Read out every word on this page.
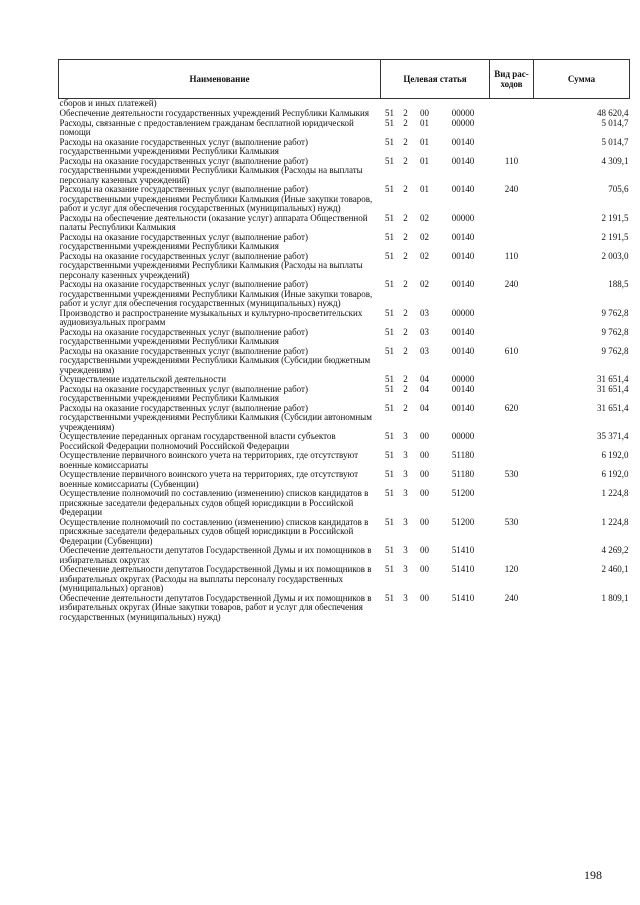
Наименование	Целевая статья				Вид рас-ходов	Сумма
сборов и иных платежей)						
Обеспечение деятельности государственных учреждений Республики Калмыкия	51	2	00	00000		48 620,4
Расходы, связанные с предоставлением гражданам бесплатной юридической помощи	51	2	01	00000		5 014,7
Расходы на оказание государственных услуг (выполнение работ) государственными учреждениями Республики Калмыкия	51	2	01	00140		5 014,7
Расходы на оказание государственных услуг (выполнение работ) государственными учреждениями Республики Калмыкия (Расходы на выплаты персоналу казенных учреждений)	51	2	01	00140	110	4 309,1
Расходы на оказание государственных услуг (выполнение работ) государственными учреждениями Республики Калмыкия (Иные закупки товаров, работ и услуг для обеспечения государственных (муниципальных) нужд)	51	2	01	00140	240	705,6
Расходы на обеспечение деятельности (оказание услуг) аппарата Общественной палаты Республики Калмыкия	51	2	02	00000		2 191,5
Расходы на оказание государственных услуг (выполнение работ) государственными учреждениями Республики Калмыкия	51	2	02	00140		2 191,5
Расходы на оказание государственных услуг (выполнение работ) государственными учреждениями Республики Калмыкия (Расходы на выплаты персоналу казенных учреждений)	51	2	02	00140	110	2 003,0
Расходы на оказание государственных услуг (выполнение работ) государственными учреждениями Республики Калмыкия (Иные закупки товаров, работ и услуг для обеспечения государственных (муниципальных) нужд)	51	2	02	00140	240	188,5
Производство и распространение музыкальных и культурно-просветительских аудиовизуальных программ	51	2	03	00000		9 762,8
Расходы на оказание государственных услуг (выполнение работ) государственными учреждениями Республики Калмыкия	51	2	03	00140		9 762,8
Расходы на оказание государственных услуг (выполнение работ) государственными учреждениями Республики Калмыкия (Субсидии бюджетным учреждениям)	51	2	03	00140	610	9 762,8
Осуществление издательской деятельности	51	2	04	00000		31 651,4
Расходы на оказание государственных услуг (выполнение работ) государственными учреждениями Республики Калмыкия	51	2	04	00140		31 651,4
Расходы на оказание государственных услуг (выполнение работ) государственными учреждениями Республики Калмыкия (Субсидии автономным учреждениям)	51	2	04	00140	620	31 651,4
Осуществление переданных органам государственной власти субъектов Российской Федерации полномочий Российской Федерации	51	3	00	00000		35 371,4
Осуществление первичного воинского учета на территориях, где отсутствуют военные комиссариаты	51	3	00	51180		6 192,0
Осуществление первичного воинского учета на территориях, где отсутствуют военные комиссариаты (Субвенции)	51	3	00	51180	530	6 192,0
Осуществление полномочий по составлению (изменению) списков кандидатов в присяжные заседатели федеральных судов общей юрисдикции в Российской Федерации	51	3	00	51200		1 224,8
Осуществление полномочий по составлению (изменению) списков кандидатов в присяжные заседатели федеральных судов общей юрисдикции в Российской Федерации (Субвенции)	51	3	00	51200	530	1 224,8
Обеспечение деятельности депутатов Государственной Думы и их помощников в избирательных округах	51	3	00	51410		4 269,2
Обеспечение деятельности депутатов Государственной Думы и их помощников в избирательных округах (Расходы на выплаты персоналу государственных (муниципальных) органов)	51	3	00	51410	120	2 460,1
Обеспечение деятельности депутатов Государственной Думы и их помощников в избирательных округах (Иные закупки товаров, работ и услуг для обеспечения государственных (муниципальных) нужд)	51	3	00	51410	240	1 809,1
198
